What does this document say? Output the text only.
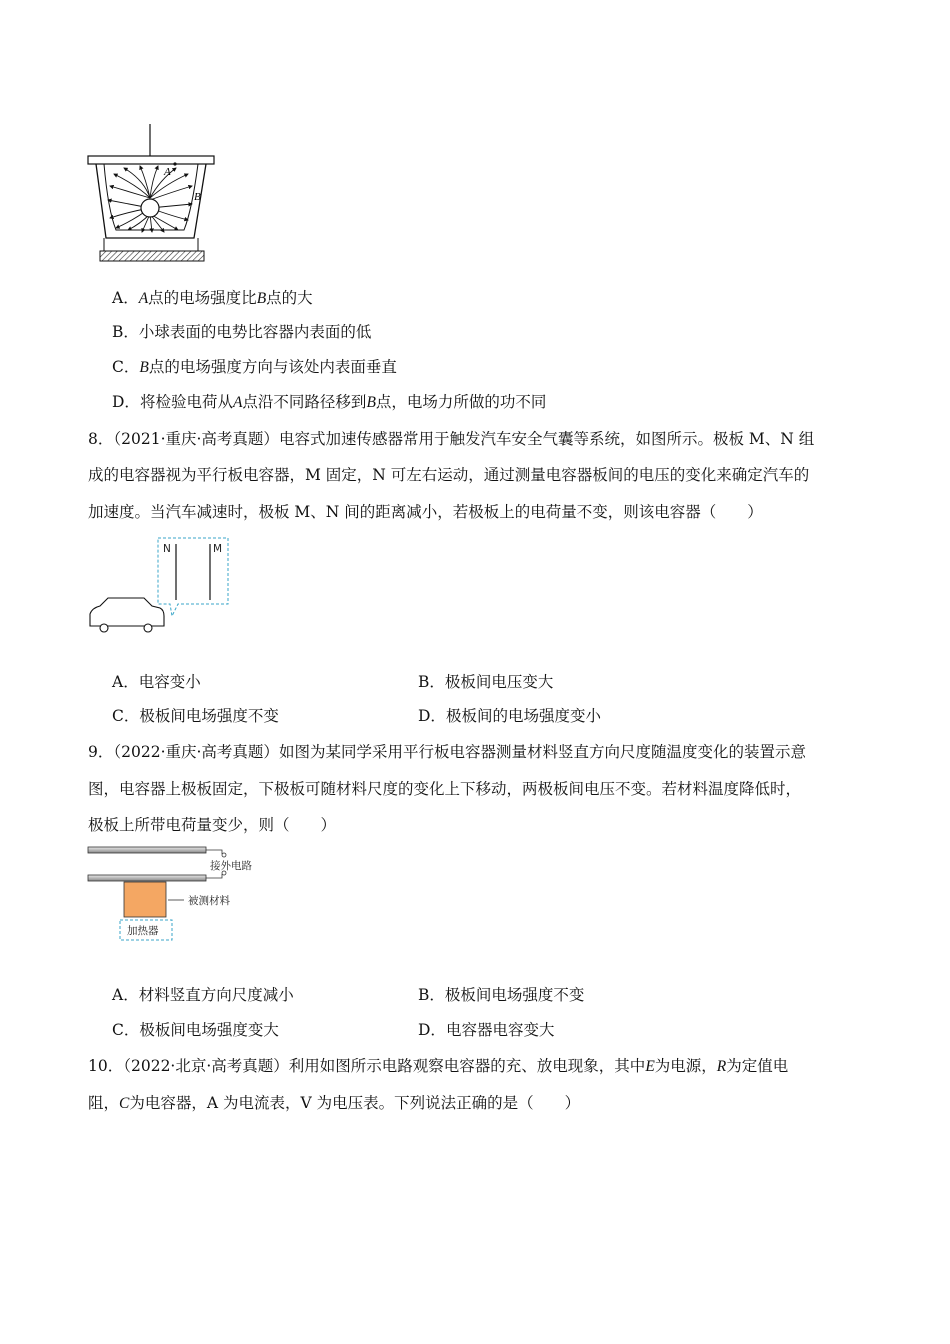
A
B
A．A点的电场强度比B点的大
B．小球表面的电势比容器内表面的低
C．B点的电场强度方向与该处内表面垂直
D．将检验电荷从A点沿不同路径移到B点，电场力所做的功不同
8．（2021·重庆·高考真题）电容式加速传感器常用于触发汽车安全气囊等系统，如图所示。极板 M、N 组
成的电容器视为平行板电容器，M 固定，N 可左右运动，通过测量电容器板间的电压的变化来确定汽车的
加速度。当汽车减速时，极板 M、N 间的距离减小，若极板上的电荷量不变，则该电容器（　　）
N	M
A．电容变小	B．极板间电压变大
C．极板间电场强度不变	D．极板间的电场强度变小
9．（2022·重庆·高考真题）如图为某同学采用平行板电容器测量材料竖直方向尺度随温度变化的装置示意
图，电容器上极板固定，下极板可随材料尺度的变化上下移动，两极板间电压不变。若材料温度降低时，
极板上所带电荷量变少，则（　　）
接外电路
被测材料
加热器
A．材料竖直方向尺度减小	B．极板间电场强度不变
C．极板间电场强度变大	D．电容器电容变大
10．（2022·北京·高考真题）利用如图所示电路观察电容器的充、放电现象，其中E为电源，R为定值电
阻，C为电容器，A 为电流表，V 为电压表。下列说法正确的是（　　）
